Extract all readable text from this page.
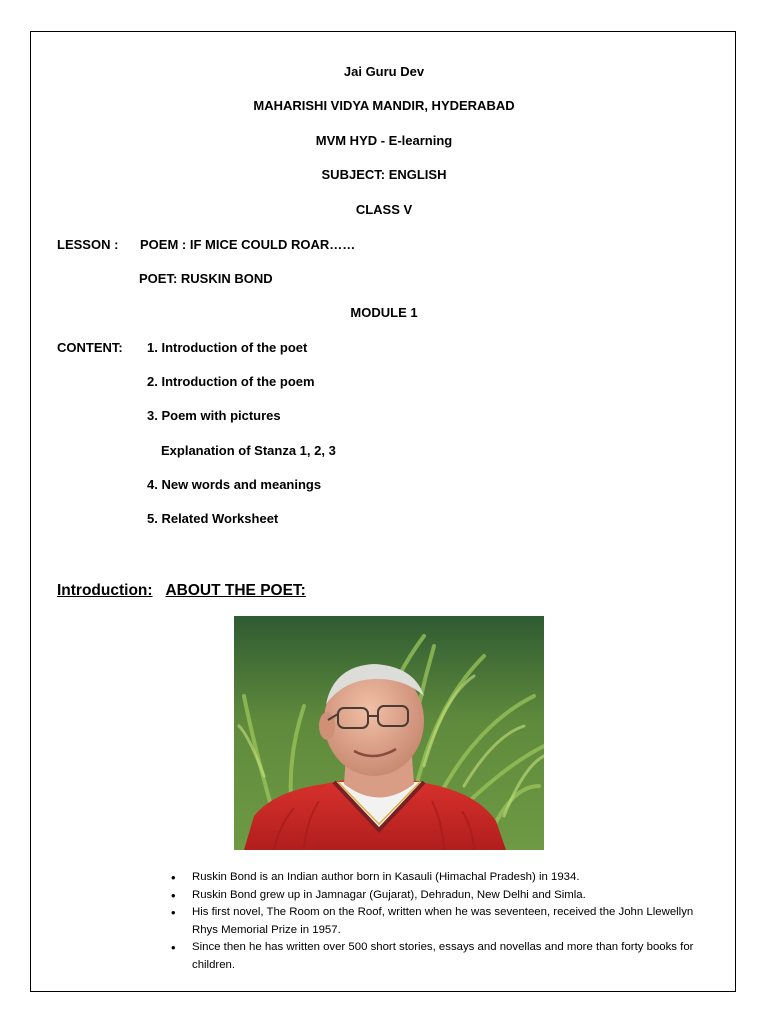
Jai Guru Dev
MAHARISHI VIDYA MANDIR, HYDERABAD
MVM HYD - E-learning
SUBJECT: ENGLISH
CLASS V
LESSON : POEM : IF MICE COULD ROAR……
POET: RUSKIN BOND
MODULE 1
CONTENT: 1. Introduction of the poet
2. Introduction of the poem
3. Poem with pictures
Explanation of Stanza 1, 2, 3
4. New words and meanings
5. Related Worksheet
Introduction: ABOUT THE POET:
• Ruskin Bond is an Indian author born in Kasauli (Himachal Pradesh) in 1934.
• Ruskin Bond grew up in Jamnagar (Gujarat), Dehradun, New Delhi and Simla.
• His first novel, The Room on the Roof, written when he was seventeen, received the John Llewellyn Rhys Memorial Prize in 1957.
• Since then he has written over 500 short stories, essays and novellas and more than forty books for children.
